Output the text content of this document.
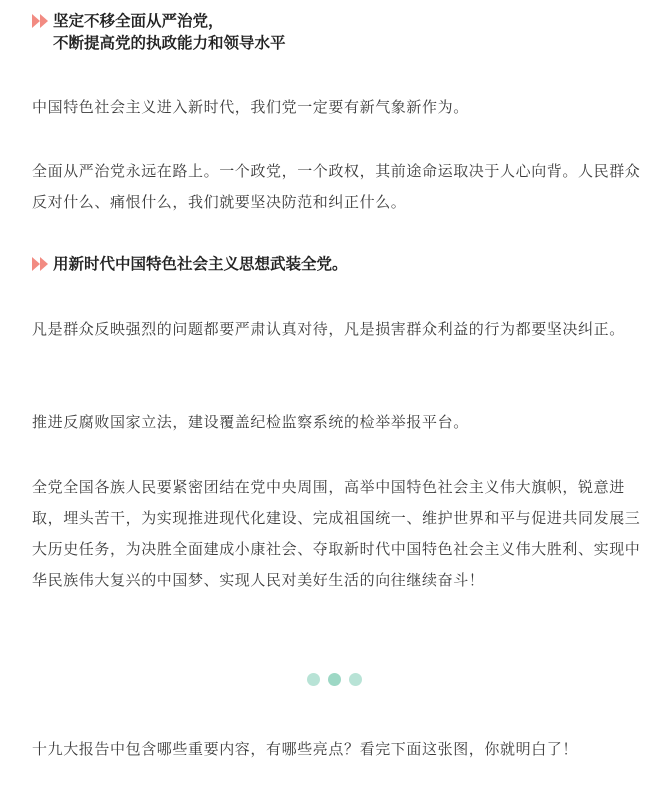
坚定不移全面从严治党，
不断提高党的执政能力和领导水平

中国特色社会主义进入新时代，我们党一定要有新气象新作为。

全面从严治党永远在路上。一个政党，一个政权，其前途命运取决于人心向背。人民群众反对什么、痛恨什么，我们就要坚决防范和纠正什么。

用新时代中国特色社会主义思想武装全党。

凡是群众反映强烈的问题都要严肃认真对待，凡是损害群众利益的行为都要坚决纠正。

推进反腐败国家立法，建设覆盖纪检监察系统的检举举报平台。

全党全国各族人民要紧密团结在党中央周围，高举中国特色社会主义伟大旗帜，锐意进取，埋头苦干，为实现推进现代化建设、完成祖国统一、维护世界和平与促进共同发展三大历史任务，为决胜全面建成小康社会、夺取新时代中国特色社会主义伟大胜利、实现中华民族伟大复兴的中国梦、实现人民对美好生活的向往继续奋斗！

十九大报告中包含哪些重要内容，有哪些亮点？看完下面这张图，你就明白了！
